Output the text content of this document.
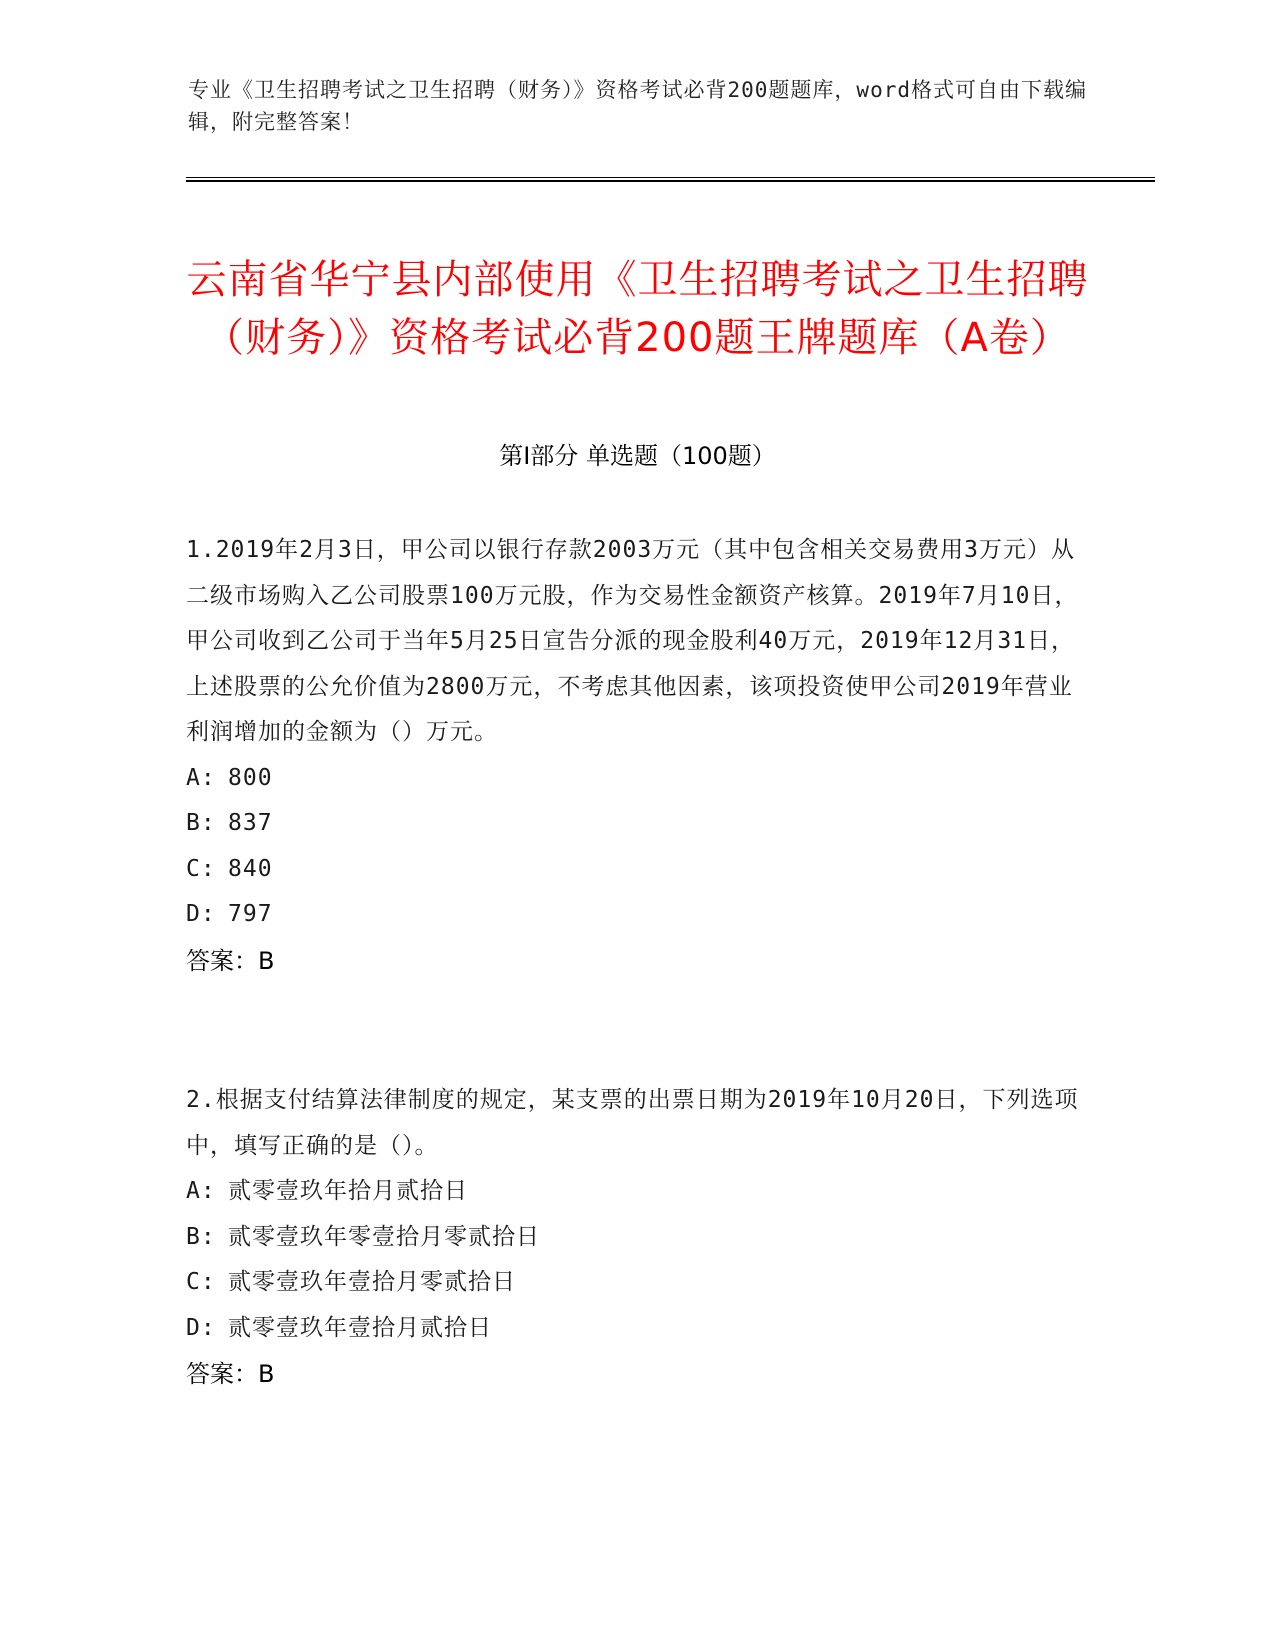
专业《卫生招聘考试之卫生招聘（财务）》资格考试必背200题题库，word格式可自由下载编辑，附完整答案！
云南省华宁县内部使用《卫生招聘考试之卫生招聘（财务）》资格考试必背200题王牌题库（A卷）
第I部分 单选题（100题）

1.2019年2月3日，甲公司以银行存款2003万元（其中包含相关交易费用3万元）从二级市场购入乙公司股票100万元股，作为交易性金额资产核算。2019年7月10日，甲公司收到乙公司于当年5月25日宣告分派的现金股利40万元，2019年12月31日，上述股票的公允价值为2800万元，不考虑其他因素，该项投资使甲公司2019年营业利润增加的金额为（）万元。

A: 800
B: 837
C: 840
D: 797
答案：B

2.根据支付结算法律制度的规定，某支票的出票日期为2019年10月20日，下列选项中，填写正确的是（）。

A: 贰零壹玖年拾月贰拾日
B: 贰零壹玖年零壹拾月零贰拾日
C: 贰零壹玖年壹拾月零贰拾日
D: 贰零壹玖年壹拾月贰拾日
答案：B
